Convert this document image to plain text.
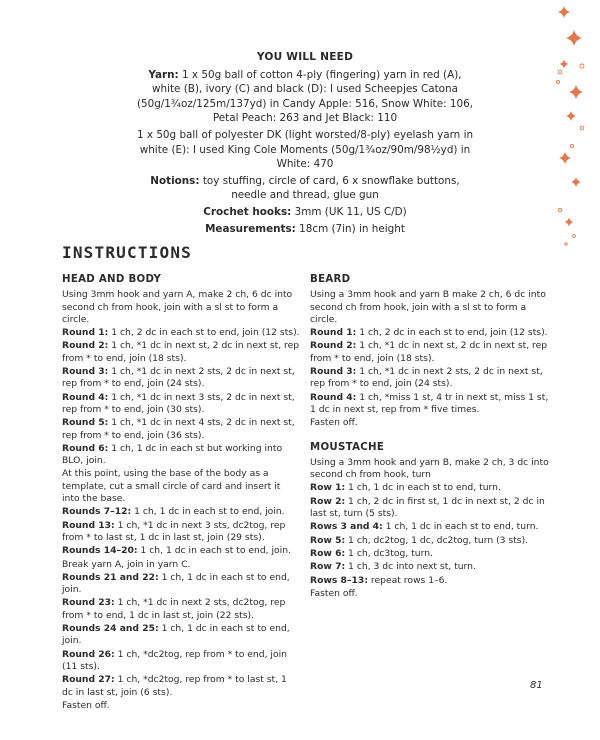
YOU WILL NEED

Yarn: 1 x 50g ball of cotton 4-ply (fingering) yarn in red (A), white (B), ivory (C) and black (D): I used Scheepjes Catona (50g/1¾oz/125m/137yd) in Candy Apple: 516, Snow White: 106, Petal Peach: 263 and Jet Black: 110

1 x 50g ball of polyester DK (light worsted/8-ply) eyelash yarn in white (E): I used King Cole Moments (50g/1¾oz/90m/98½yd) in White: 470

Notions: toy stuffing, circle of card, 6 x snowflake buttons, needle and thread, glue gun

Crochet hooks: 3mm (UK 11, US C/D)

Measurements: 18cm (7in) in height

INSTRUCTIONS
HEAD AND BODY
Using 3mm hook and yarn A, make 2 ch, 6 dc into second ch from hook, join with a sl st to form a circle.
Round 1: 1 ch, 2 dc in each st to end, join (12 sts).
Round 2: 1 ch, *1 dc in next st, 2 dc in next st, rep from * to end, join (18 sts).
Round 3: 1 ch, *1 dc in next 2 sts, 2 dc in next st, rep from * to end, join (24 sts).
Round 4: 1 ch, *1 dc in next 3 sts, 2 dc in next st, rep from * to end, join (30 sts).
Round 5: 1 ch, *1 dc in next 4 sts, 2 dc in next st, rep from * to end, join (36 sts).
Round 6: 1 ch, 1 dc in each st but working into BLO, join.
At this point, using the base of the body as a template, cut a small circle of card and insert it into the base.
Rounds 7–12: 1 ch, 1 dc in each st to end, join.
Round 13: 1 ch, *1 dc in next 3 sts, dc2tog, rep from * to last st, 1 dc in last st, join (29 sts).
Rounds 14–20: 1 ch, 1 dc in each st to end, join.
Break yarn A, join in yarn C.
Rounds 21 and 22: 1 ch, 1 dc in each st to end, join.
Round 23: 1 ch, *1 dc in next 2 sts, dc2tog, rep from * to end, 1 dc in last st, join (22 sts).
Rounds 24 and 25: 1 ch, 1 dc in each st to end, join.
Round 26: 1 ch, *dc2tog, rep from * to end, join (11 sts).
Round 27: 1 ch, *dc2tog, rep from * to last st, 1 dc in last st, join (6 sts).
Fasten off.
BEARD
Using a 3mm hook and yarn B make 2 ch, 6 dc into second ch from hook, join with a sl st to form a circle.
Round 1: 1 ch, 2 dc in each st to end, join (12 sts).
Round 2: 1 ch, *1 dc in next st, 2 dc in next st, rep from * to end, join (18 sts).
Round 3: 1 ch, *1 dc in next 2 sts, 2 dc in next st, rep from * to end, join (24 sts).
Round 4: 1 ch, *miss 1 st, 4 tr in next st, miss 1 st, 1 dc in next st, rep from * five times.
Fasten off.
MOUSTACHE
Using a 3mm hook and yarn B, make 2 ch, 3 dc into second ch from hook, turn
Row 1: 1 ch, 1 dc in each st to end, turn.
Row 2: 1 ch, 2 dc in first st, 1 dc in next st, 2 dc in last st, turn (5 sts).
Rows 3 and 4: 1 ch, 1 dc in each st to end, turn.
Row 5: 1 ch, dc2tog, 1 dc, dc2tog, turn (3 sts).
Row 6: 1 ch, dc3tog, turn.
Row 7: 1 ch, 3 dc into next st, turn.
Rows 8–13: repeat rows 1–6.
Fasten off.
81
